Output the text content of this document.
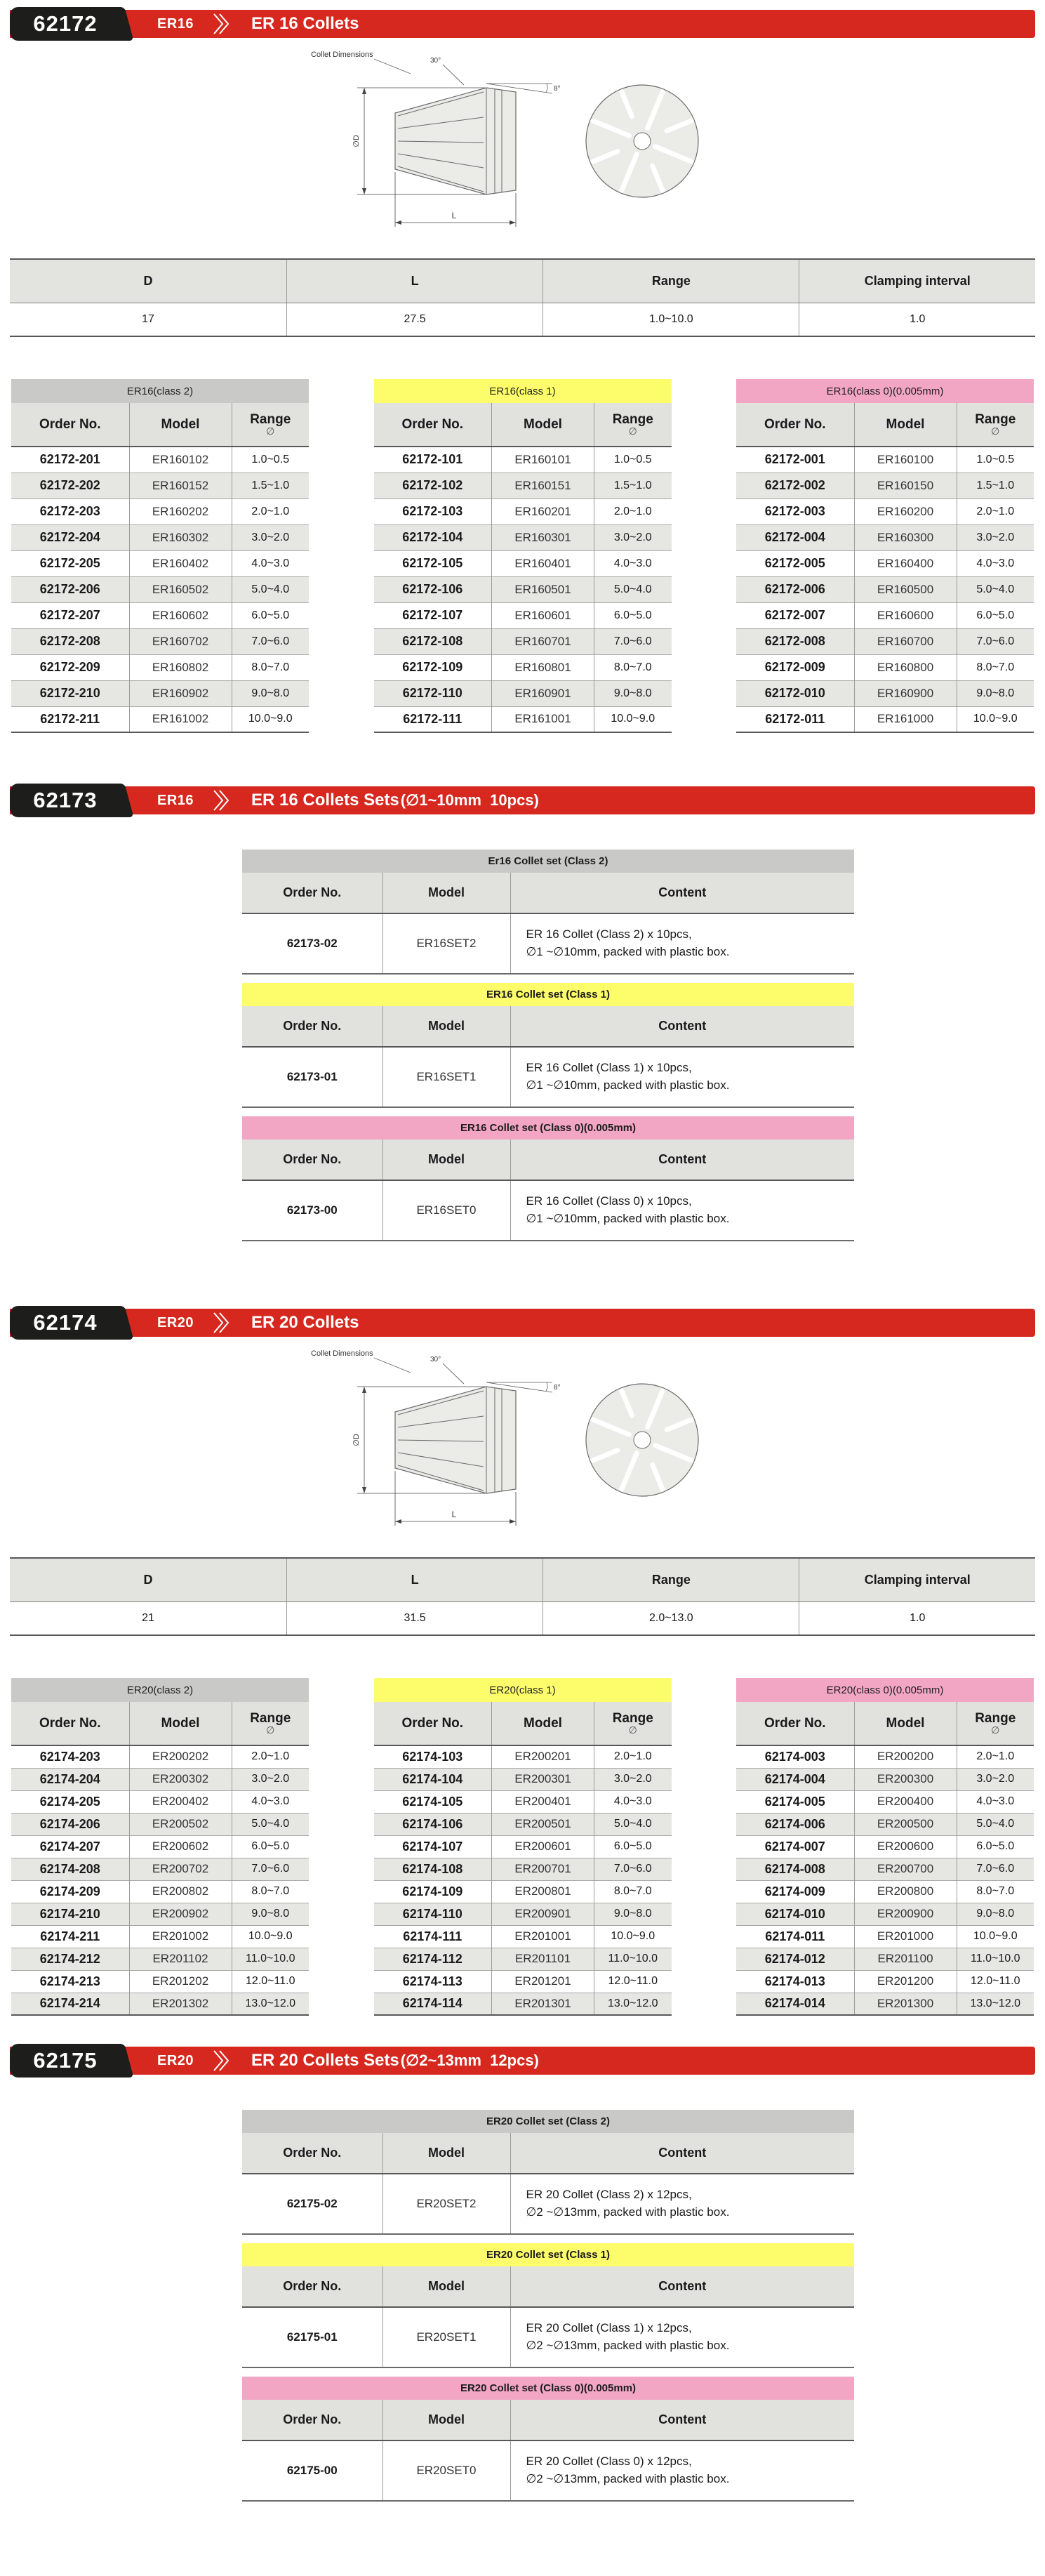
62172	ER16	ER 16 Collets
Collet Dimensions
30°
∅D
L
8°
D	L	Range	Clamping interval
17	27.5	1.0~10.0	1.0
ER16(class 2)		
Order No.	Model	Range
∅

62172-201	ER160102	1.0~0.5
62172-202	ER160152	1.5~1.0
62172-203	ER160202	2.0~1.0
62172-204	ER160302	3.0~2.0
62172-205	ER160402	4.0~3.0
62172-206	ER160502	5.0~4.0
62172-207	ER160602	6.0~5.0
62172-208	ER160702	7.0~6.0
62172-209	ER160802	8.0~7.0
62172-210	ER160902	9.0~8.0
62172-211	ER161002	10.0~9.0
ER16(class 1)		
Order No.	Model	Range
∅

62172-101	ER160101	1.0~0.5
62172-102	ER160151	1.5~1.0
62172-103	ER160201	2.0~1.0
62172-104	ER160301	3.0~2.0
62172-105	ER160401	4.0~3.0
62172-106	ER160501	5.0~4.0
62172-107	ER160601	6.0~5.0
62172-108	ER160701	7.0~6.0
62172-109	ER160801	8.0~7.0
62172-110	ER160901	9.0~8.0
62172-111	ER161001	10.0~9.0
ER16(class 0)(0.005mm)		
Order No.	Model	Range
∅

62172-001	ER160100	1.0~0.5
62172-002	ER160150	1.5~1.0
62172-003	ER160200	2.0~1.0
62172-004	ER160300	3.0~2.0
62172-005	ER160400	4.0~3.0
62172-006	ER160500	5.0~4.0
62172-007	ER160600	6.0~5.0
62172-008	ER160700	7.0~6.0
62172-009	ER160800	8.0~7.0
62172-010	ER160900	9.0~8.0
62172-011	ER161000	10.0~9.0
62173	ER16	ER 16 Collets Sets (∅1~10mm  10pcs)
Er16 Collet set (Class 2)		
Order No.	Model	Content
62173-02	ER16SET2	ER 16 Collet (Class 2) x 10pcs,
∅1 ~∅10mm, packed with plastic box.
ER16 Collet set (Class 1)		
Order No.	Model	Content
62173-01	ER16SET1	ER 16 Collet (Class 1) x 10pcs,
∅1 ~∅10mm, packed with plastic box.
ER16 Collet set (Class 0)(0.005mm)		
Order No.	Model	Content
62173-00	ER16SET0	ER 16 Collet (Class 0) x 10pcs,
∅1 ~∅10mm, packed with plastic box.
62174	ER20	ER 20 Collets
Collet Dimensions
30°
∅D
L
8°
D	L	Range	Clamping interval
21	31.5	2.0~13.0	1.0
ER20(class 2)		
Order No.	Model	Range
∅

62174-203	ER200202	2.0~1.0
62174-204	ER200302	3.0~2.0
62174-205	ER200402	4.0~3.0
62174-206	ER200502	5.0~4.0
62174-207	ER200602	6.0~5.0
62174-208	ER200702	7.0~6.0
62174-209	ER200802	8.0~7.0
62174-210	ER200902	9.0~8.0
62174-211	ER201002	10.0~9.0
62174-212	ER201102	11.0~10.0
62174-213	ER201202	12.0~11.0
62174-214	ER201302	13.0~12.0
ER20(class 1)		
Order No.	Model	Range
∅

62174-103	ER200201	2.0~1.0
62174-104	ER200301	3.0~2.0
62174-105	ER200401	4.0~3.0
62174-106	ER200501	5.0~4.0
62174-107	ER200601	6.0~5.0
62174-108	ER200701	7.0~6.0
62174-109	ER200801	8.0~7.0
62174-110	ER200901	9.0~8.0
62174-111	ER201001	10.0~9.0
62174-112	ER201101	11.0~10.0
62174-113	ER201201	12.0~11.0
62174-114	ER201301	13.0~12.0
ER20(class 0)(0.005mm)		
Order No.	Model	Range
∅

62174-003	ER200200	2.0~1.0
62174-004	ER200300	3.0~2.0
62174-005	ER200400	4.0~3.0
62174-006	ER200500	5.0~4.0
62174-007	ER200600	6.0~5.0
62174-008	ER200700	7.0~6.0
62174-009	ER200800	8.0~7.0
62174-010	ER200900	9.0~8.0
62174-011	ER201000	10.0~9.0
62174-012	ER201100	11.0~10.0
62174-013	ER201200	12.0~11.0
62174-014	ER201300	13.0~12.0
62175	ER20	ER 20 Collets Sets (∅2~13mm  12pcs)
ER20 Collet set (Class 2)		
Order No.	Model	Content
62175-02	ER20SET2	ER 20 Collet (Class 2) x 12pcs,
∅2 ~∅13mm, packed with plastic box.
ER20 Collet set (Class 1)		
Order No.	Model	Content
62175-01	ER20SET1	ER 20 Collet (Class 1) x 12pcs,
∅2 ~∅13mm, packed with plastic box.
ER20 Collet set (Class 0)(0.005mm)		
Order No.	Model	Content
62175-00	ER20SET0	ER 20 Collet (Class 0) x 12pcs,
∅2 ~∅13mm, packed with plastic box.
